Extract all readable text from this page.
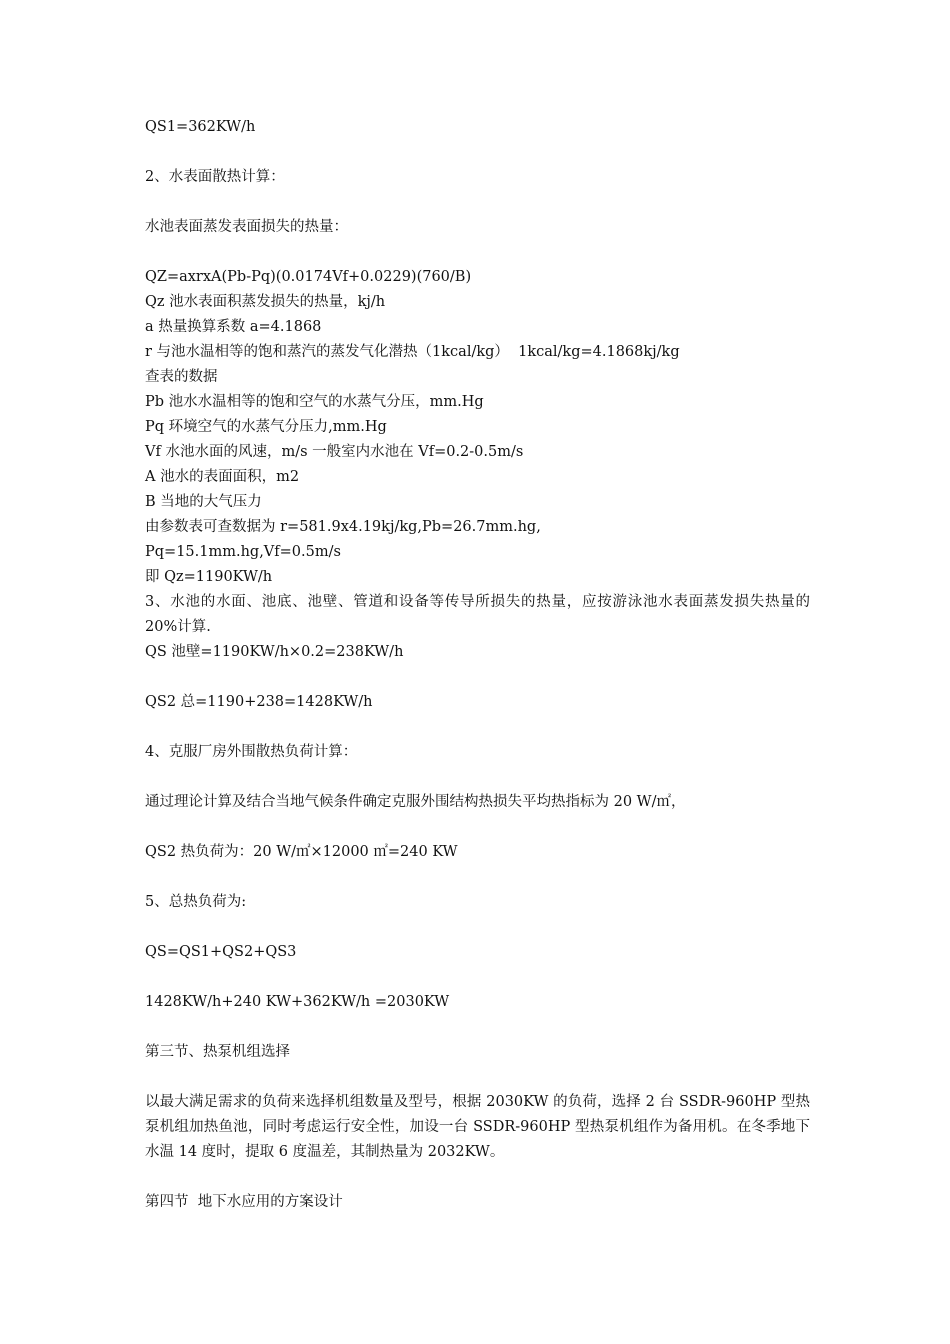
QS1=362KW/h
2、水表面散热计算：
水池表面蒸发表面损失的热量：
QZ=axrxA(Pb-Pq)(0.0174Vf+0.0229)(760/B)
Qz 池水表面积蒸发损失的热量，kj/h
a 热量换算系数 a=4.1868
r 与池水温相等的饱和蒸汽的蒸发气化潜热（1kcal/kg）  1kcal/kg=4.1868kj/kg
查表的数据
Pb 池水水温相等的饱和空气的水蒸气分压，mm.Hg
Pq 环境空气的水蒸气分压力,mm.Hg
Vf 水池水面的风速，m/s 一般室内水池在 Vf=0.2-0.5m/s
A 池水的表面面积，m2
B 当地的大气压力
由参数表可查数据为 r=581.9x4.19kj/kg,Pb=26.7mm.hg,
Pq=15.1mm.hg,Vf=0.5m/s
即 Qz=1190KW/h
3、水池的水面、池底、池壁、管道和设备等传导所损失的热量，应按游泳池水表面蒸发损失热量的 20%计算.
QS 池壁=1190KW/h×0.2=238KW/h
QS2 总=1190+238=1428KW/h
4、克服厂房外围散热负荷计算：
通过理论计算及结合当地气候条件确定克服外围结构热损失平均热指标为 20 W/㎡，
QS2 热负荷为：20 W/㎡×12000 ㎡=240 KW
5、总热负荷为:
QS=QS1+QS2+QS3
1428KW/h+240 KW+362KW/h =2030KW
第三节、热泵机组选择
以最大满足需求的负荷来选择机组数量及型号，根据 2030KW 的负荷，选择 2 台 SSDR-960HP 型热泵机组加热鱼池，同时考虑运行安全性，加设一台 SSDR-960HP 型热泵机组作为备用机。在冬季地下水温 14 度时，提取 6 度温差，其制热量为 2032KW。
第四节  地下水应用的方案设计
